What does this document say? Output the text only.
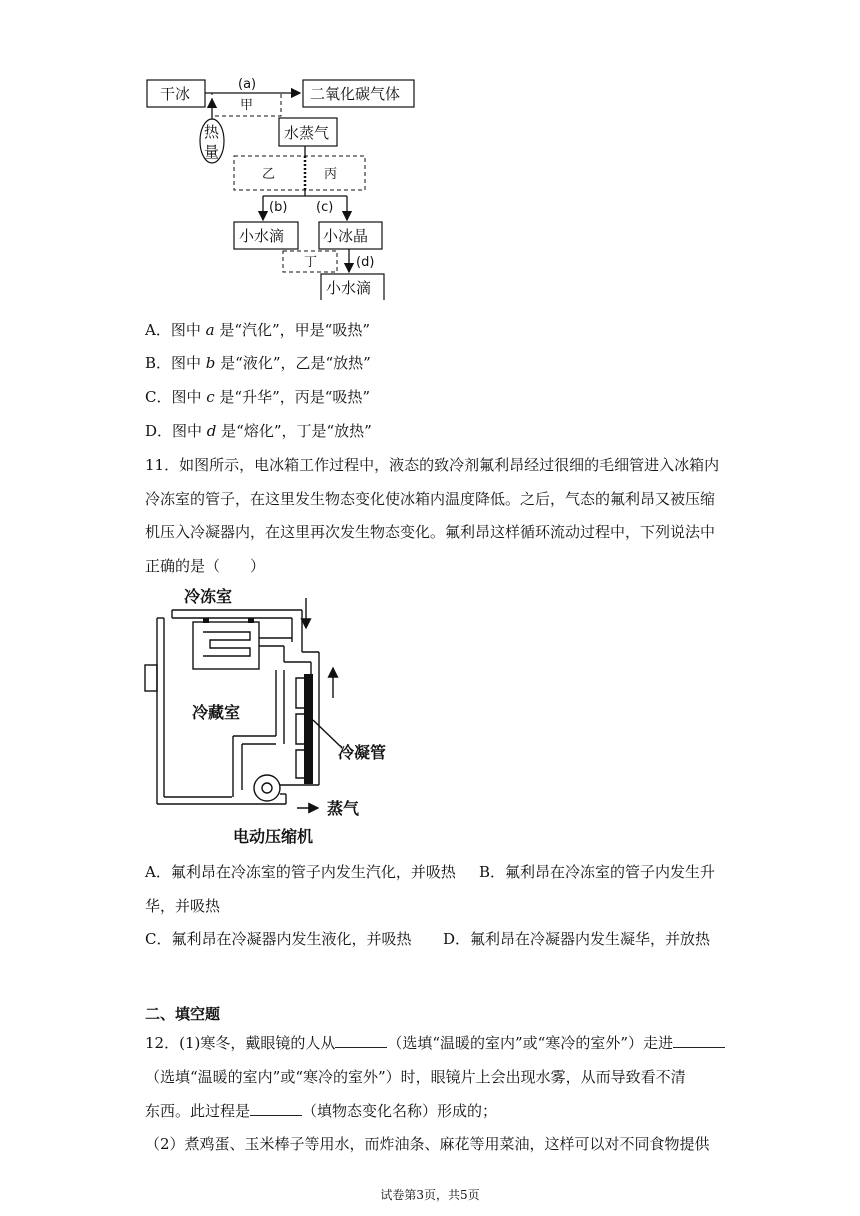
干冰	二氧化碳气体
热
量
水蒸气
小水滴	小冰晶
小水滴
(a)
甲
乙	丙
(b) (c)
丁	(d)
A．图中 a 是“汽化”，甲是“吸热”
B．图中 b 是“液化”，乙是“放热”
C．图中 c 是“升华”，丙是“吸热”
D．图中 d 是“熔化”，丁是“放热”
11．如图所示，电冰箱工作过程中，液态的致冷剂氟利昂经过很细的毛细管进入冰箱内
冷冻室的管子，在这里发生物态变化使冰箱内温度降低。之后，气态的氟利昂又被压缩
机压入冷凝器内，在这里再次发生物态变化。氟利昂这样循环流动过程中，下列说法中
正确的是（　　）
冷冻室
冷藏室
冷凝管
蒸气
电动压缩机
A．氟利昂在冷冻室的管子内发生汽化，并吸热 B．氟利昂在冷冻室的管子内发生升
华，并吸热
C．氟利昂在冷凝器内发生液化，并吸热 D．氟利昂在冷凝器内发生凝华，并放热
二、填空题
12．(1)寒冬，戴眼镜的人从	（选填“温暖的室内”或“寒冷的室外”）走进
（选填“温暖的室内”或“寒冷的室外”）时，眼镜片上会出现水雾，从而导致看不清
东西。此过程是	（填物态变化名称）形成的；
（2）煮鸡蛋、玉米棒子等用水，而炸油条、麻花等用菜油，这样可以对不同食物提供
试卷第3页，共5页
